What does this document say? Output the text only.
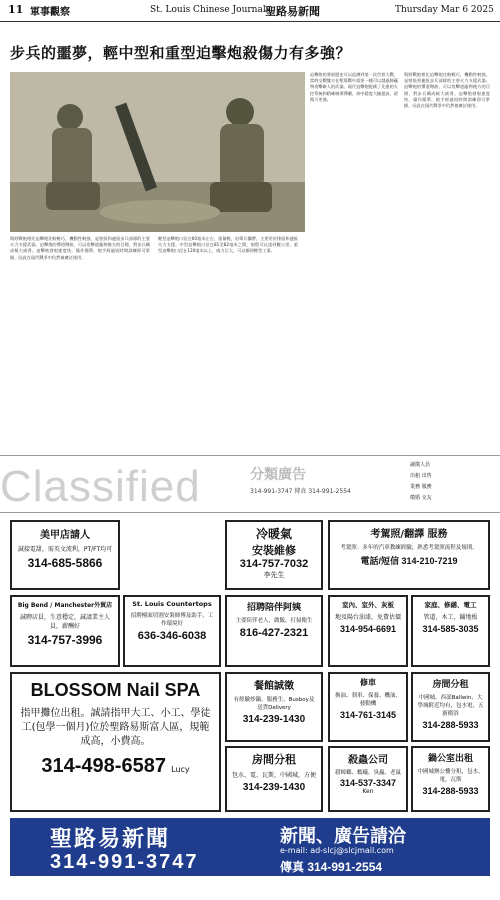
11 軍事觀察	St. Louis Chinese Journal 聖路易新聞	Thursday Mar 6 2025
步兵的噩夢，輕中型和重型迫擊炮殺傷力有多強？
與野戰炮相比迫擊炮比較輕巧，機動性較強，是營級和連級步兵部隊的主要火力支援武器。迫擊炮的彈道彎曲，可以攻擊遮蔽物後方的目標，對步兵構成極大威脅。迫擊炮發射速度快，操作簡單，炮手經過短時間訓練即可掌握，因此在現代戰爭中仍然被廣泛使用。
輕型迫擊炮口徑在60毫米左右，重量輕，由單兵攜帶，主要用於排級和連級火力支援。中型迫擊炮口徑在81至82毫米之間，射程可以達到數公里。重型迫擊炮口徑在120毫米以上，威力巨大，可以摧毀輕型工事。
迫擊炮的發展歷史可以追溯到第一次世界大戰，當時交戰雙方在塹壕戰中需要一種可以越過障礙物攻擊敵人的武器。現代迫擊炮配備了先進的火控系統和精確制導彈藥，命中精度大幅提高，殺傷力更強。
與野戰炮相比迫擊炮比較輕巧，機動性較強，是營級和連級步兵部隊的主要火力支援武器。迫擊炮的彈道彎曲，可以攻擊遮蔽物後方的目標，對步兵構成極大威脅。迫擊炮發射速度快，操作簡單，炮手經過短時間訓練即可掌握，因此在現代戰爭中仍然被廣泛使用。
Classified	分類廣告
314-991-3747 傳真 314-991-2554
誠徵人員
出租 出售
業務 服務
徵婚 交友
美甲店請人
誠接電甜，需英文流利，PT/FT均可
314-685-5866
冷暖氣
安裝維修
314-757-7032
李先生
考駕照/翻譯 服務
考駕照：多年的汽車教練經驗，熟悉考駕照流程及規則。
電話/短信 314-210-7219
Big Bend / Manchester外貿店
誠聘店員，生意穩定，誠請業主人員，薪酬好
314-757-3996
St. Louis Countertops
招聘檯面切割安裝師傅及助手，工作環境好
636-346-6038
招聘陪伴阿姨
主要陪伴老人，做飯，打掃衛生
816-427-2321
室內、室外、灰板
地及陽台油漆，免費估價
314-954-6691
家庭、修繕、電工
管道，木工，鋪地板
314-585-3035
BLOSSOM Nail SPA
指甲攤位出租。誠請指甲大工、小工、學徒工(包學一個月)位於聖路易斯富人區，規範成高，小費高。
314-498-6587 Lucy
餐館誠徵
有經驗炒鍋、服務生、Busboy及送貨Delivery
314-239-1430
修車
換油、刹車、保養、機油、發動機
314-761-3145
房間分租
中國城、西部Ballwin、大學城附近均有，包水電，五廚衛浴
314-288-5933
房間分租
包水、電、瓦斯，中國城，方便
314-239-1430
殺蟲公司
殺蟑螂、螞蟻、臭蟲、老鼠
314-537-3347
Ken
鍋公室出租
中國城辦公樓分租，包水、電，瓦斯
314-288-5933
聖路易新聞
314-991-3747
新聞、廣告請洽
e-mail: ad-slcj@slcjmail.com
傳真 314-991-2554
